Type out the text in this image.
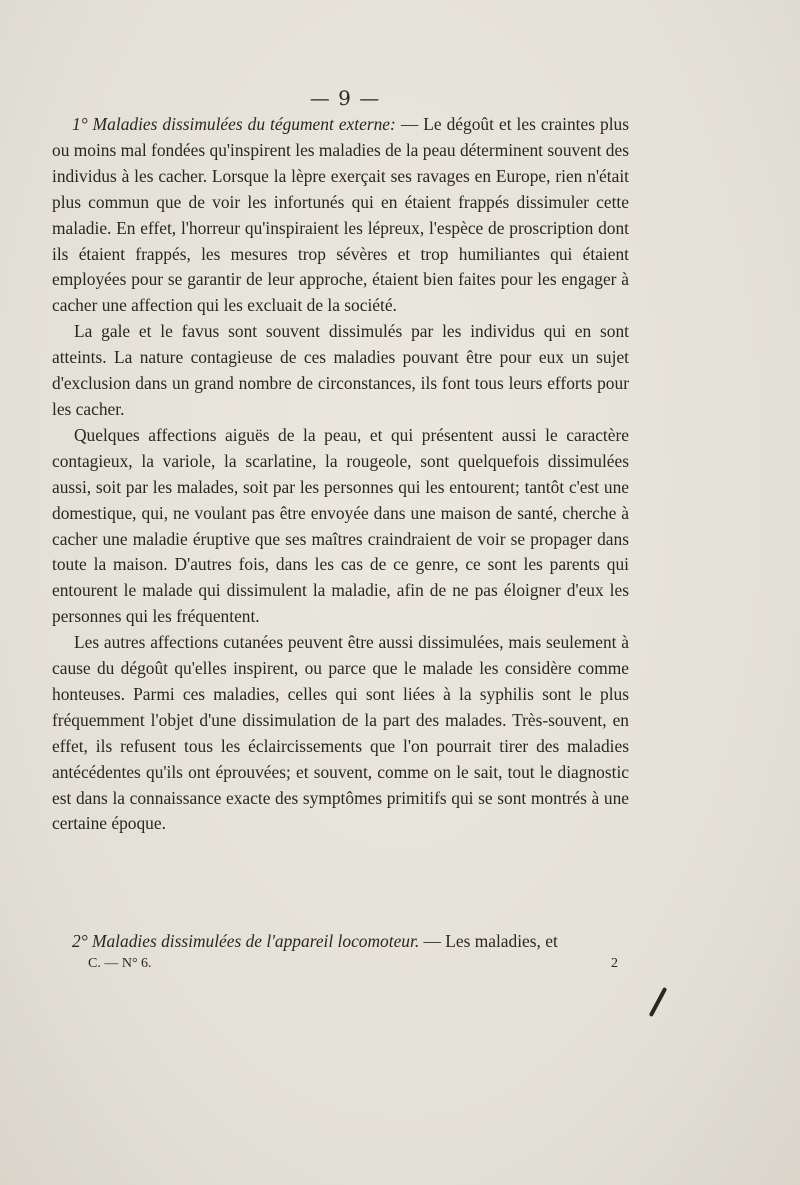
— 9 —

1° Maladies dissimulées du tégument externe: — Le dégoût et les craintes plus ou moins mal fondées qu'inspirent les maladies de la peau déterminent souvent des individus à les cacher. Lorsque la lèpre exerçait ses ravages en Europe, rien n'était plus commun que de voir les infortunés qui en étaient frappés dissimuler cette maladie. En effet, l'horreur qu'inspiraient les lépreux, l'espèce de proscription dont ils étaient frappés, les mesures trop sévères et trop humiliantes qui étaient employées pour se garantir de leur approche, étaient bien faites pour les engager à cacher une affection qui les excluait de la société.

La gale et le favus sont souvent dissimulés par les individus qui en sont atteints. La nature contagieuse de ces maladies pouvant être pour eux un sujet d'exclusion dans un grand nombre de circonstances, ils font tous leurs efforts pour les cacher.

Quelques affections aiguës de la peau, et qui présentent aussi le caractère contagieux, la variole, la scarlatine, la rougeole, sont quelquefois dissimulées aussi, soit par les malades, soit par les personnes qui les entourent; tantôt c'est une domestique, qui, ne voulant pas être envoyée dans une maison de santé, cherche à cacher une maladie éruptive que ses maîtres craindraient de voir se propager dans toute la maison. D'autres fois, dans les cas de ce genre, ce sont les parents qui entourent le malade qui dissimulent la maladie, afin de ne pas éloigner d'eux les personnes qui les fréquentent.

Les autres affections cutanées peuvent être aussi dissimulées, mais seulement à cause du dégoût qu'elles inspirent, ou parce que le malade les considère comme honteuses. Parmi ces maladies, celles qui sont liées à la syphilis sont le plus fréquemment l'objet d'une dissimulation de la part des malades. Très-souvent, en effet, ils refusent tous les éclaircissements que l'on pourrait tirer des maladies antécédentes qu'ils ont éprouvées; et souvent, comme on le sait, tout le diagnostic est dans la connaissance exacte des symptômes primitifs qui se sont montrés à une certaine époque.

2° Maladies dissimulées de l'appareil locomoteur. — Les maladies, et
C. — N° 6.	2
